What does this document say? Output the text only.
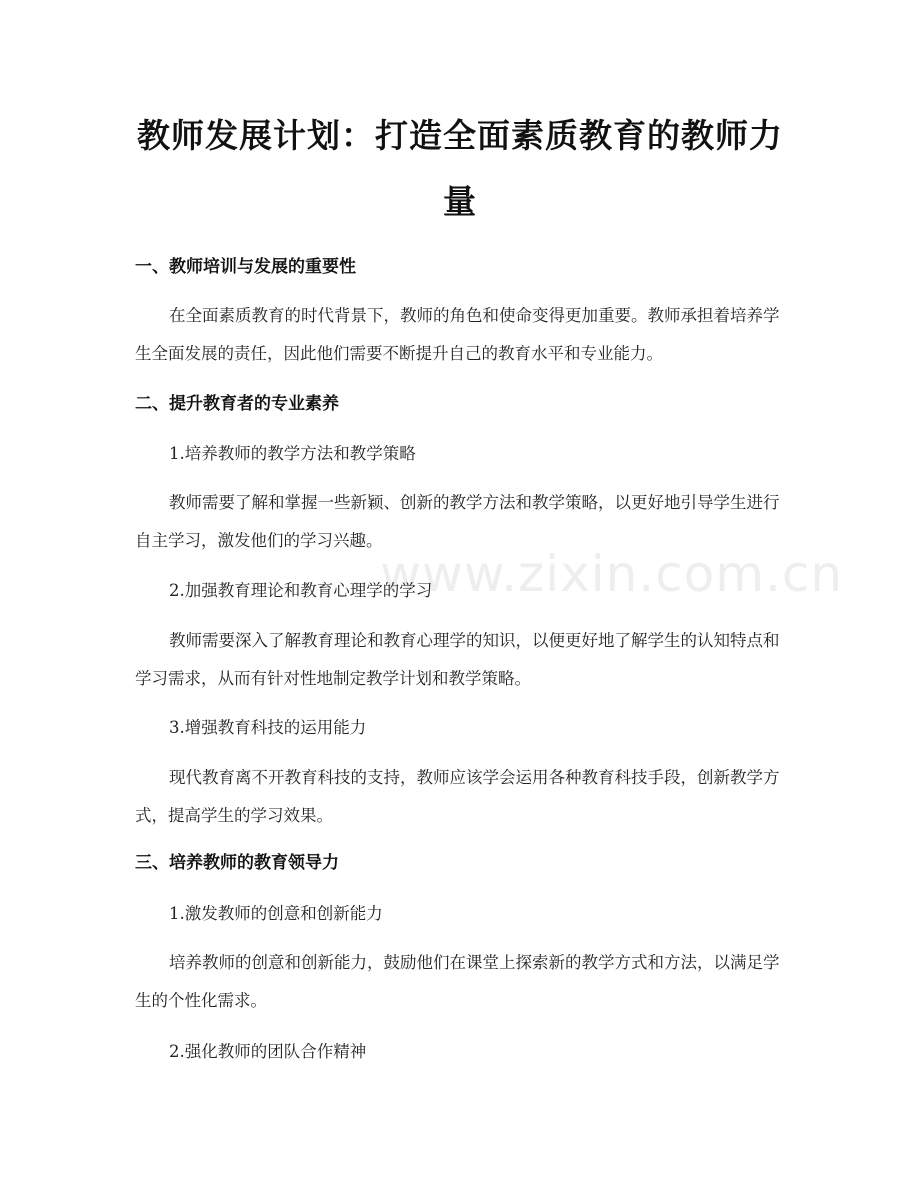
www.zixin.com.cn
教师发展计划：打造全面素质教育的教师力量
一、教师培训与发展的重要性
在全面素质教育的时代背景下，教师的角色和使命变得更加重要。教师承担着培养学生全面发展的责任，因此他们需要不断提升自己的教育水平和专业能力。
二、提升教育者的专业素养
1.培养教师的教学方法和教学策略
教师需要了解和掌握一些新颖、创新的教学方法和教学策略，以更好地引导学生进行自主学习，激发他们的学习兴趣。
2.加强教育理论和教育心理学的学习
教师需要深入了解教育理论和教育心理学的知识，以便更好地了解学生的认知特点和学习需求，从而有针对性地制定教学计划和教学策略。
3.增强教育科技的运用能力
现代教育离不开教育科技的支持，教师应该学会运用各种教育科技手段，创新教学方式，提高学生的学习效果。
三、培养教师的教育领导力
1.激发教师的创意和创新能力
培养教师的创意和创新能力，鼓励他们在课堂上探索新的教学方式和方法，以满足学生的个性化需求。
2.强化教师的团队合作精神
